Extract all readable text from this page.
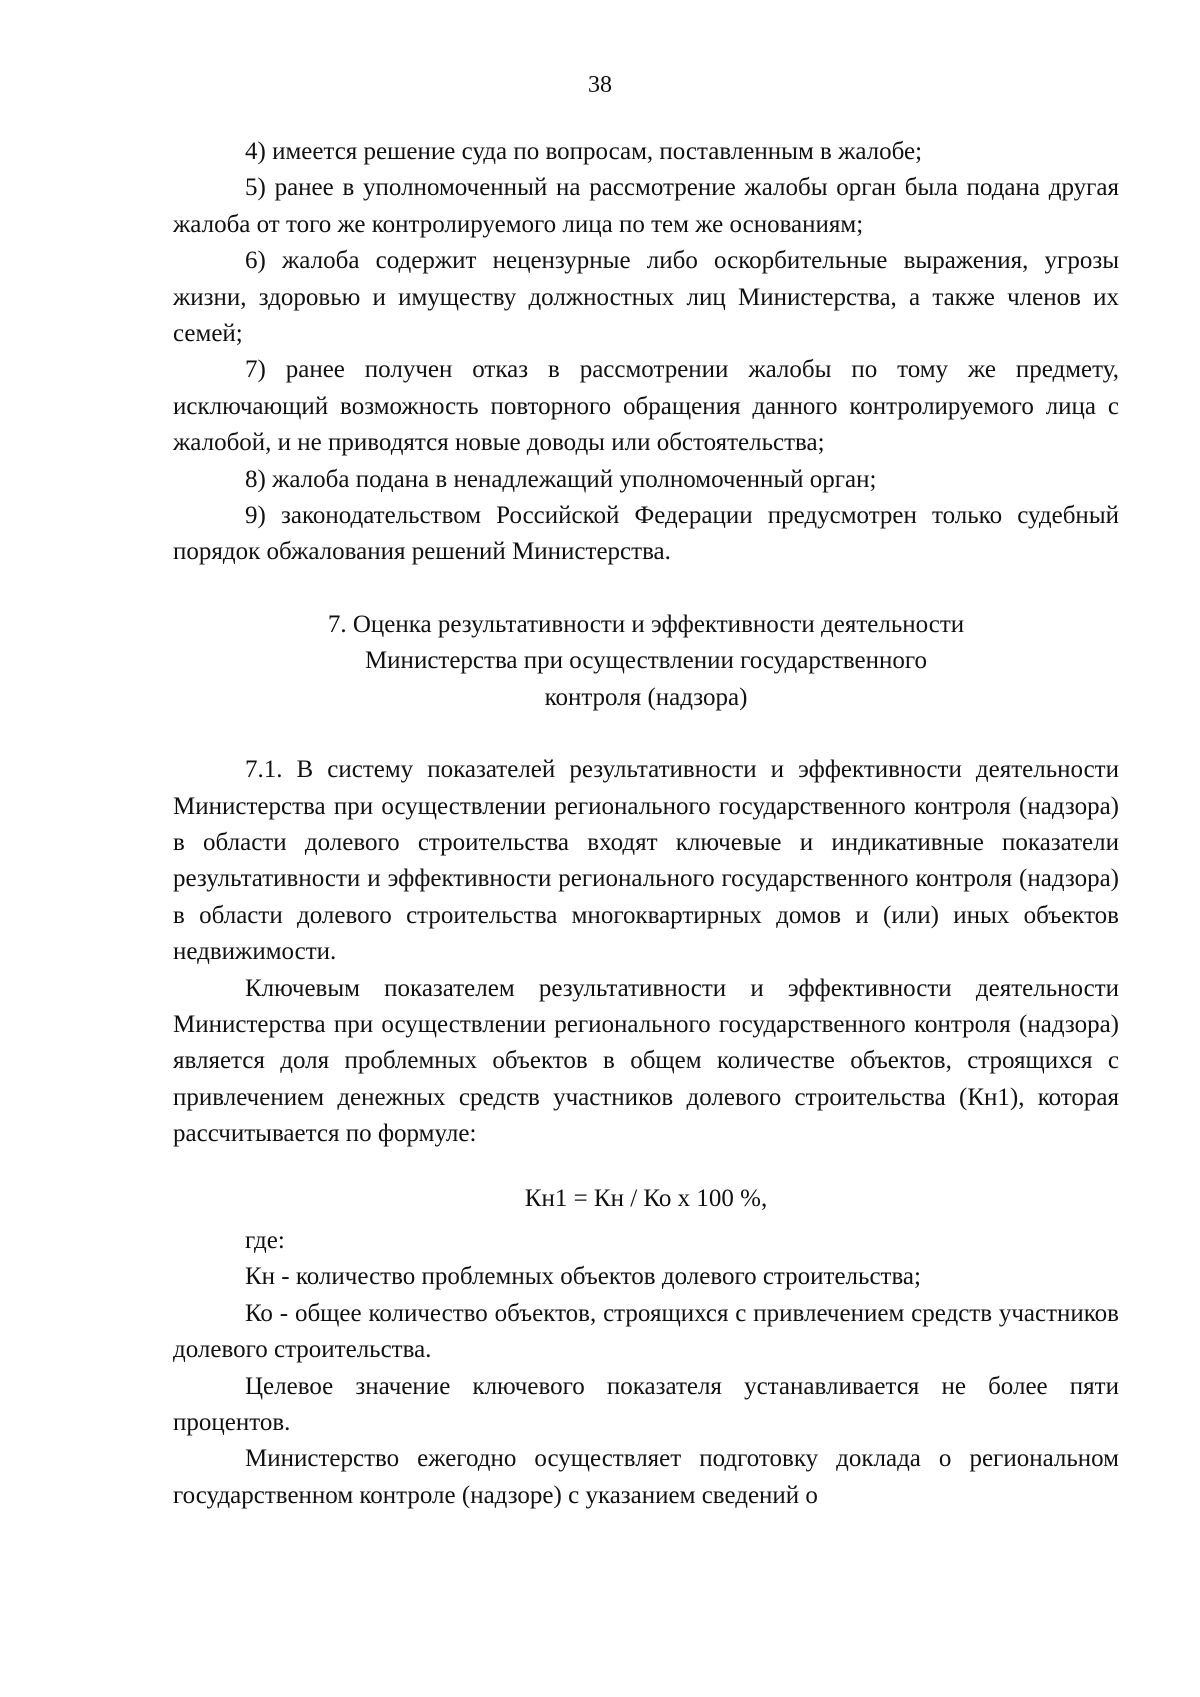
38

4) имеется решение суда по вопросам, поставленным в жалобе;

5) ранее в уполномоченный на рассмотрение жалобы орган была подана другая жалоба от того же контролируемого лица по тем же основаниям;

6) жалоба содержит нецензурные либо оскорбительные выражения, угрозы жизни, здоровью и имуществу должностных лиц Министерства, а также членов их семей;

7) ранее получен отказ в рассмотрении жалобы по тому же предмету, исключающий возможность повторного обращения данного контролируемого лица с жалобой, и не приводятся новые доводы или обстоятельства;

8) жалоба подана в ненадлежащий уполномоченный орган;

9) законодательством Российской Федерации предусмотрен только судебный порядок обжалования решений Министерства.

7. Оценка результативности и эффективности деятельности
Министерства при осуществлении государственного
контроля (надзора)

7.1. В систему показателей результативности и эффективности деятельности Министерства при осуществлении регионального государственного контроля (надзора) в области долевого строительства входят ключевые и индикативные показатели результативности и эффективности регионального государственного контроля (надзора) в области долевого строительства многоквартирных домов и (или) иных объектов недвижимости.

Ключевым показателем результативности и эффективности деятельности Министерства при осуществлении регионального государственного контроля (надзора) является доля проблемных объектов в общем количестве объектов, строящихся с привлечением денежных средств участников долевого строительства (Кн1), которая рассчитывается по формуле:

Кн1 = Кн / Ко х 100 %,

где:

Кн - количество проблемных объектов долевого строительства;

Ко - общее количество объектов, строящихся с привлечением средств участников долевого строительства.

Целевое значение ключевого показателя устанавливается не более пяти процентов.

Министерство ежегодно осуществляет подготовку доклада о региональном государственном контроле (надзоре) с указанием сведений о
